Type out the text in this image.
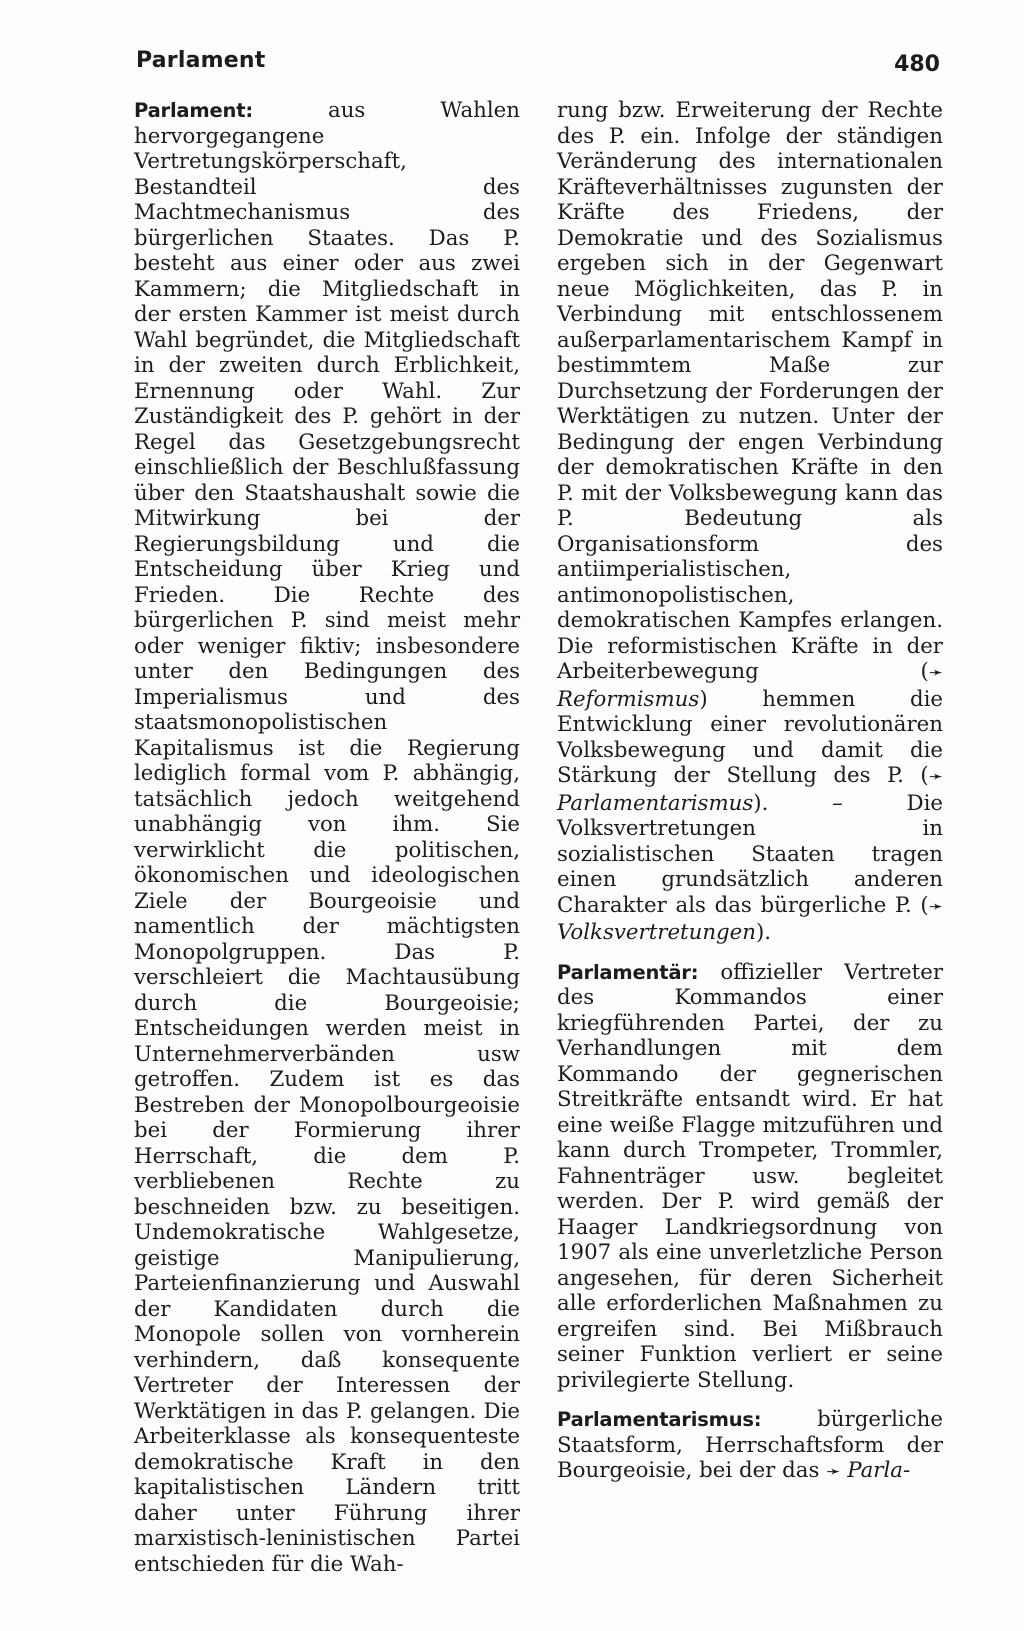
Parlament	480

Parlament:	aus Wahlen hervorgegangene Vertretungskörperschaft, Bestandteil des Machtmechanismus des bürgerlichen Staates. Das P. besteht aus einer oder aus zwei Kammern; die Mitgliedschaft in der ersten Kammer ist meist durch Wahl begründet, die Mitgliedschaft in der zweiten durch Erblichkeit, Ernennung oder Wahl. Zur Zuständigkeit des P. gehört in der Regel das Gesetzgebungsrecht einschließlich der Beschlußfassung über den Staatshaushalt sowie die Mitwirkung bei der Regierungsbildung und die Entscheidung über Krieg und Frieden. Die Rechte des bürgerlichen P. sind meist mehr oder weniger fiktiv; insbesondere unter den Bedingungen des Imperialismus und des staatsmonopolistischen Kapitalismus ist die Regierung lediglich formal vom P. abhängig, tatsächlich jedoch weitgehend unabhängig von ihm. Sie verwirklicht die politischen, ökonomischen und ideologischen Ziele der Bourgeoisie und namentlich der mächtigsten Monopolgruppen. Das P. verschleiert die Machtausübung durch die Bourgeoisie; Entscheidungen werden meist in Unternehmerverbänden usw getroffen. Zudem ist es das Bestreben der Monopolbourgeoisie bei der Formierung ihrer Herrschaft, die dem P. verbliebenen Rechte zu beschneiden bzw. zu beseitigen. Undemokratische Wahlgesetze, geistige Manipulierung, Parteienfinanzierung und Auswahl der Kandidaten durch die Monopole sollen von vornherein verhindern, daß konsequente Vertreter der Interessen der Werktätigen in das P. gelangen. Die Arbeiterklasse als konsequenteste demokratische Kraft in den kapitalistischen Ländern tritt daher unter Führung ihrer marxistisch-leninistischen Partei entschieden für die Wah-

rung bzw. Erweiterung der Rechte des P. ein. Infolge der ständigen Veränderung des internationalen Kräfteverhältnisses zugunsten der Kräfte des Friedens, der Demokratie und des Sozialismus ergeben sich in der Gegenwart neue Möglichkeiten, das P. in Verbindung mit entschlossenem außerparlamentarischem Kampf in bestimmtem Maße zur Durchsetzung der Forderungen der Werktätigen zu nutzen. Unter der Bedingung der engen Verbindung der demokratischen Kräfte in den P. mit der Volksbewegung kann das P. Bedeutung als Organisationsform des antiimperialistischen, antimonopolistischen, demokratischen Kampfes erlangen. Die reformistischen Kräfte in der Arbeiterbewegung (➛ Reformismus) hemmen die Entwicklung einer revolutionären Volksbewegung und damit die Stärkung der Stellung des P. (➛ Parlamentarismus). – Die Volksvertretungen in sozialistischen Staaten tragen einen grundsätzlich anderen Charakter als das bürgerliche P. (➛ Volksvertretungen).

Parlamentär: offizieller Vertreter des Kommandos einer kriegführenden Partei, der zu Verhandlungen mit dem Kommando der gegnerischen Streitkräfte entsandt wird. Er hat eine weiße Flagge mitzuführen und kann durch Trompeter, Trommler, Fahnenträger usw. begleitet werden. Der P. wird gemäß der Haager Landkriegsordnung von 1907 als eine unverletzliche Person angesehen, für deren Sicherheit alle erforderlichen Maßnahmen zu ergreifen sind. Bei Mißbrauch seiner Funktion verliert er seine privilegierte Stellung.

Parlamentarismus:	bürgerliche Staatsform, Herrschaftsform der Bourgeoisie, bei der das ➛ Parla-
